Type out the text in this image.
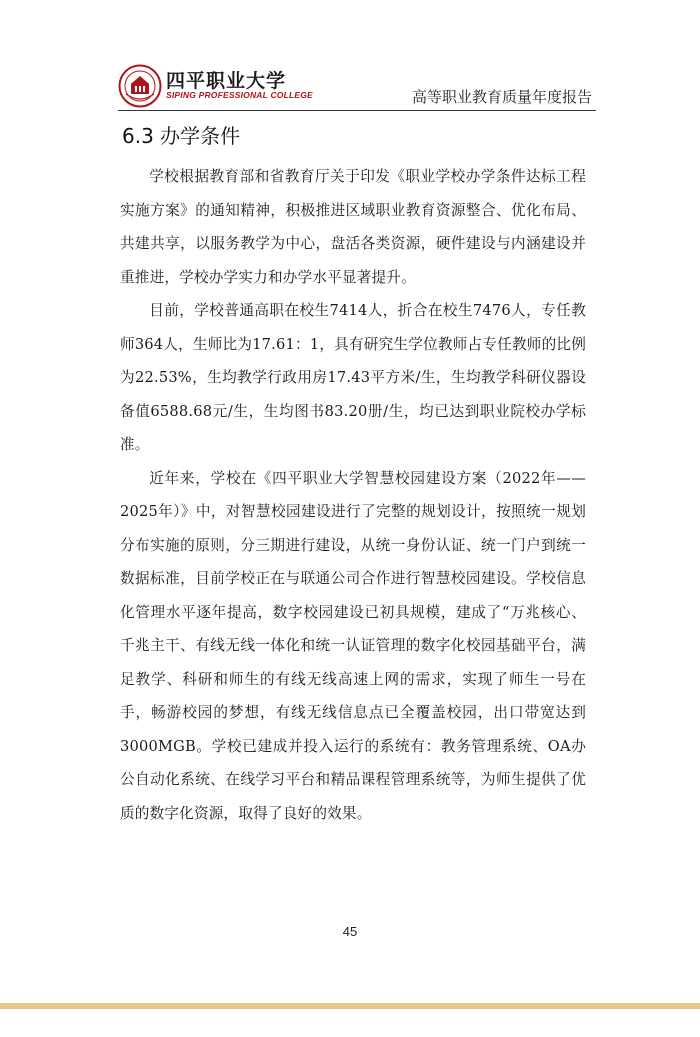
四平职业大学
SIPING PROFESSIONAL COLLEGE	高等职业教育质量年度报告
6.3 办学条件

学校根据教育部和省教育厅关于印发《职业学校办学条件达标工程实施方案》的通知精神，积极推进区域职业教育资源整合、优化布局、共建共享，以服务教学为中心，盘活各类资源，硬件建设与内涵建设并重推进，学校办学实力和办学水平显著提升。

目前，学校普通高职在校生7414人，折合在校生7476人，专任教师364人，生师比为17.61：1，具有研究生学位教师占专任教师的比例为22.53%，生均教学行政用房17.43平方米/生，生均教学科研仪器设备值6588.68元/生，生均图书83.20册/生，均已达到职业院校办学标准。

近年来，学校在《四平职业大学智慧校园建设方案（2022年——2025年）》中，对智慧校园建设进行了完整的规划设计，按照统一规划分布实施的原则，分三期进行建设，从统一身份认证、统一门户到统一数据标准，目前学校正在与联通公司合作进行智慧校园建设。学校信息化管理水平逐年提高，数字校园建设已初具规模，建成了“万兆核心、千兆主干、有线无线一体化和统一认证管理的数字化校园基础平台，满足教学、科研和师生的有线无线高速上网的需求，实现了师生一号在手，畅游校园的梦想，有线无线信息点已全覆盖校园，出口带宽达到3000MGB。学校已建成并投入运行的系统有：教务管理系统、OA办公自动化系统、在线学习平台和精品课程管理系统等，为师生提供了优质的数字化资源，取得了良好的效果。

45
